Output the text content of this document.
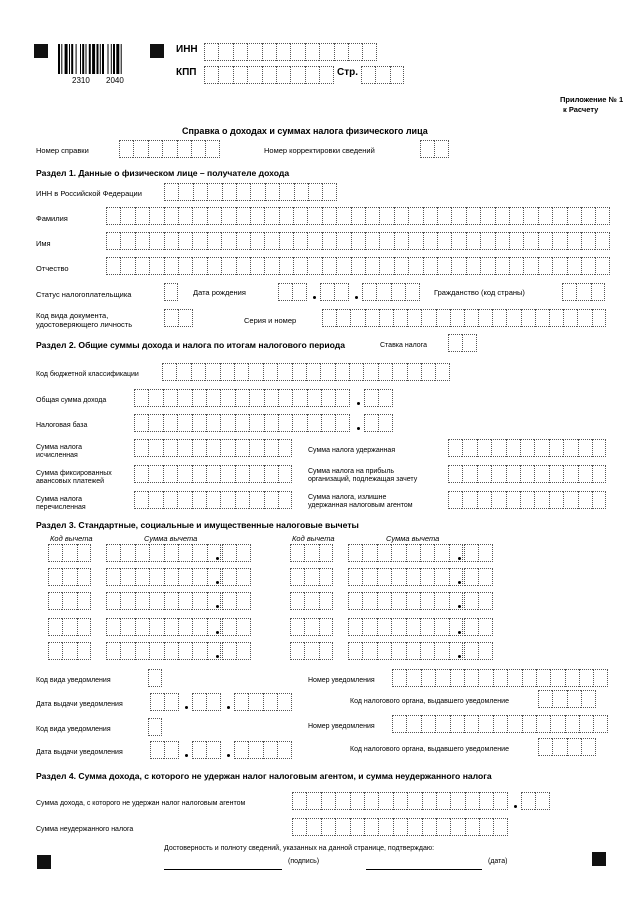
2310 2040
ИНН
КПП	Стр.
Приложение № 1
к Расчету
Справка о доходах и суммах налога физического лица
Номер справки	Номер корректировки сведений
Раздел 1. Данные о физическом лице – получателе дохода
ИНН в Российской Федерации
Фамилия
Имя
Отчество
Статус налогоплательщика	Дата рождения	Гражданство (код страны)
Код вида документа,
удостоверяющего личность	Серия и номер
Раздел 2. Общие суммы дохода и налога по итогам налогового периода	Ставка налога
Код бюджетной классификации
Общая сумма дохода
Налоговая база
Сумма налога
исчисленная
Сумма налога удержанная
Сумма фиксированных
авансовых платежей
Сумма налога на прибыль
организаций, подлежащая зачету
Сумма налога
перечисленная
Сумма налога, излишне
удержанная налоговым агентом
Раздел 3. Стандартные, социальные и имущественные налоговые вычеты
Код вычета	Сумма вычета	Код вычета	Сумма вычета
Код вида уведомления	Номер уведомления
Дата выдачи уведомления	Код налогового органа, выдавшего уведомление
Код вида уведомления	Номер уведомления
Дата выдачи уведомления	Код налогового органа, выдавшего уведомление
Раздел 4. Сумма дохода, с которого не удержан налог налоговым агентом, и сумма неудержанного налога
Сумма дохода, с которого не удержан налог налоговым агентом
Сумма неудержанного налога
Достоверность и полноту сведений, указанных на данной странице, подтверждаю:
(подпись)	(дата)
